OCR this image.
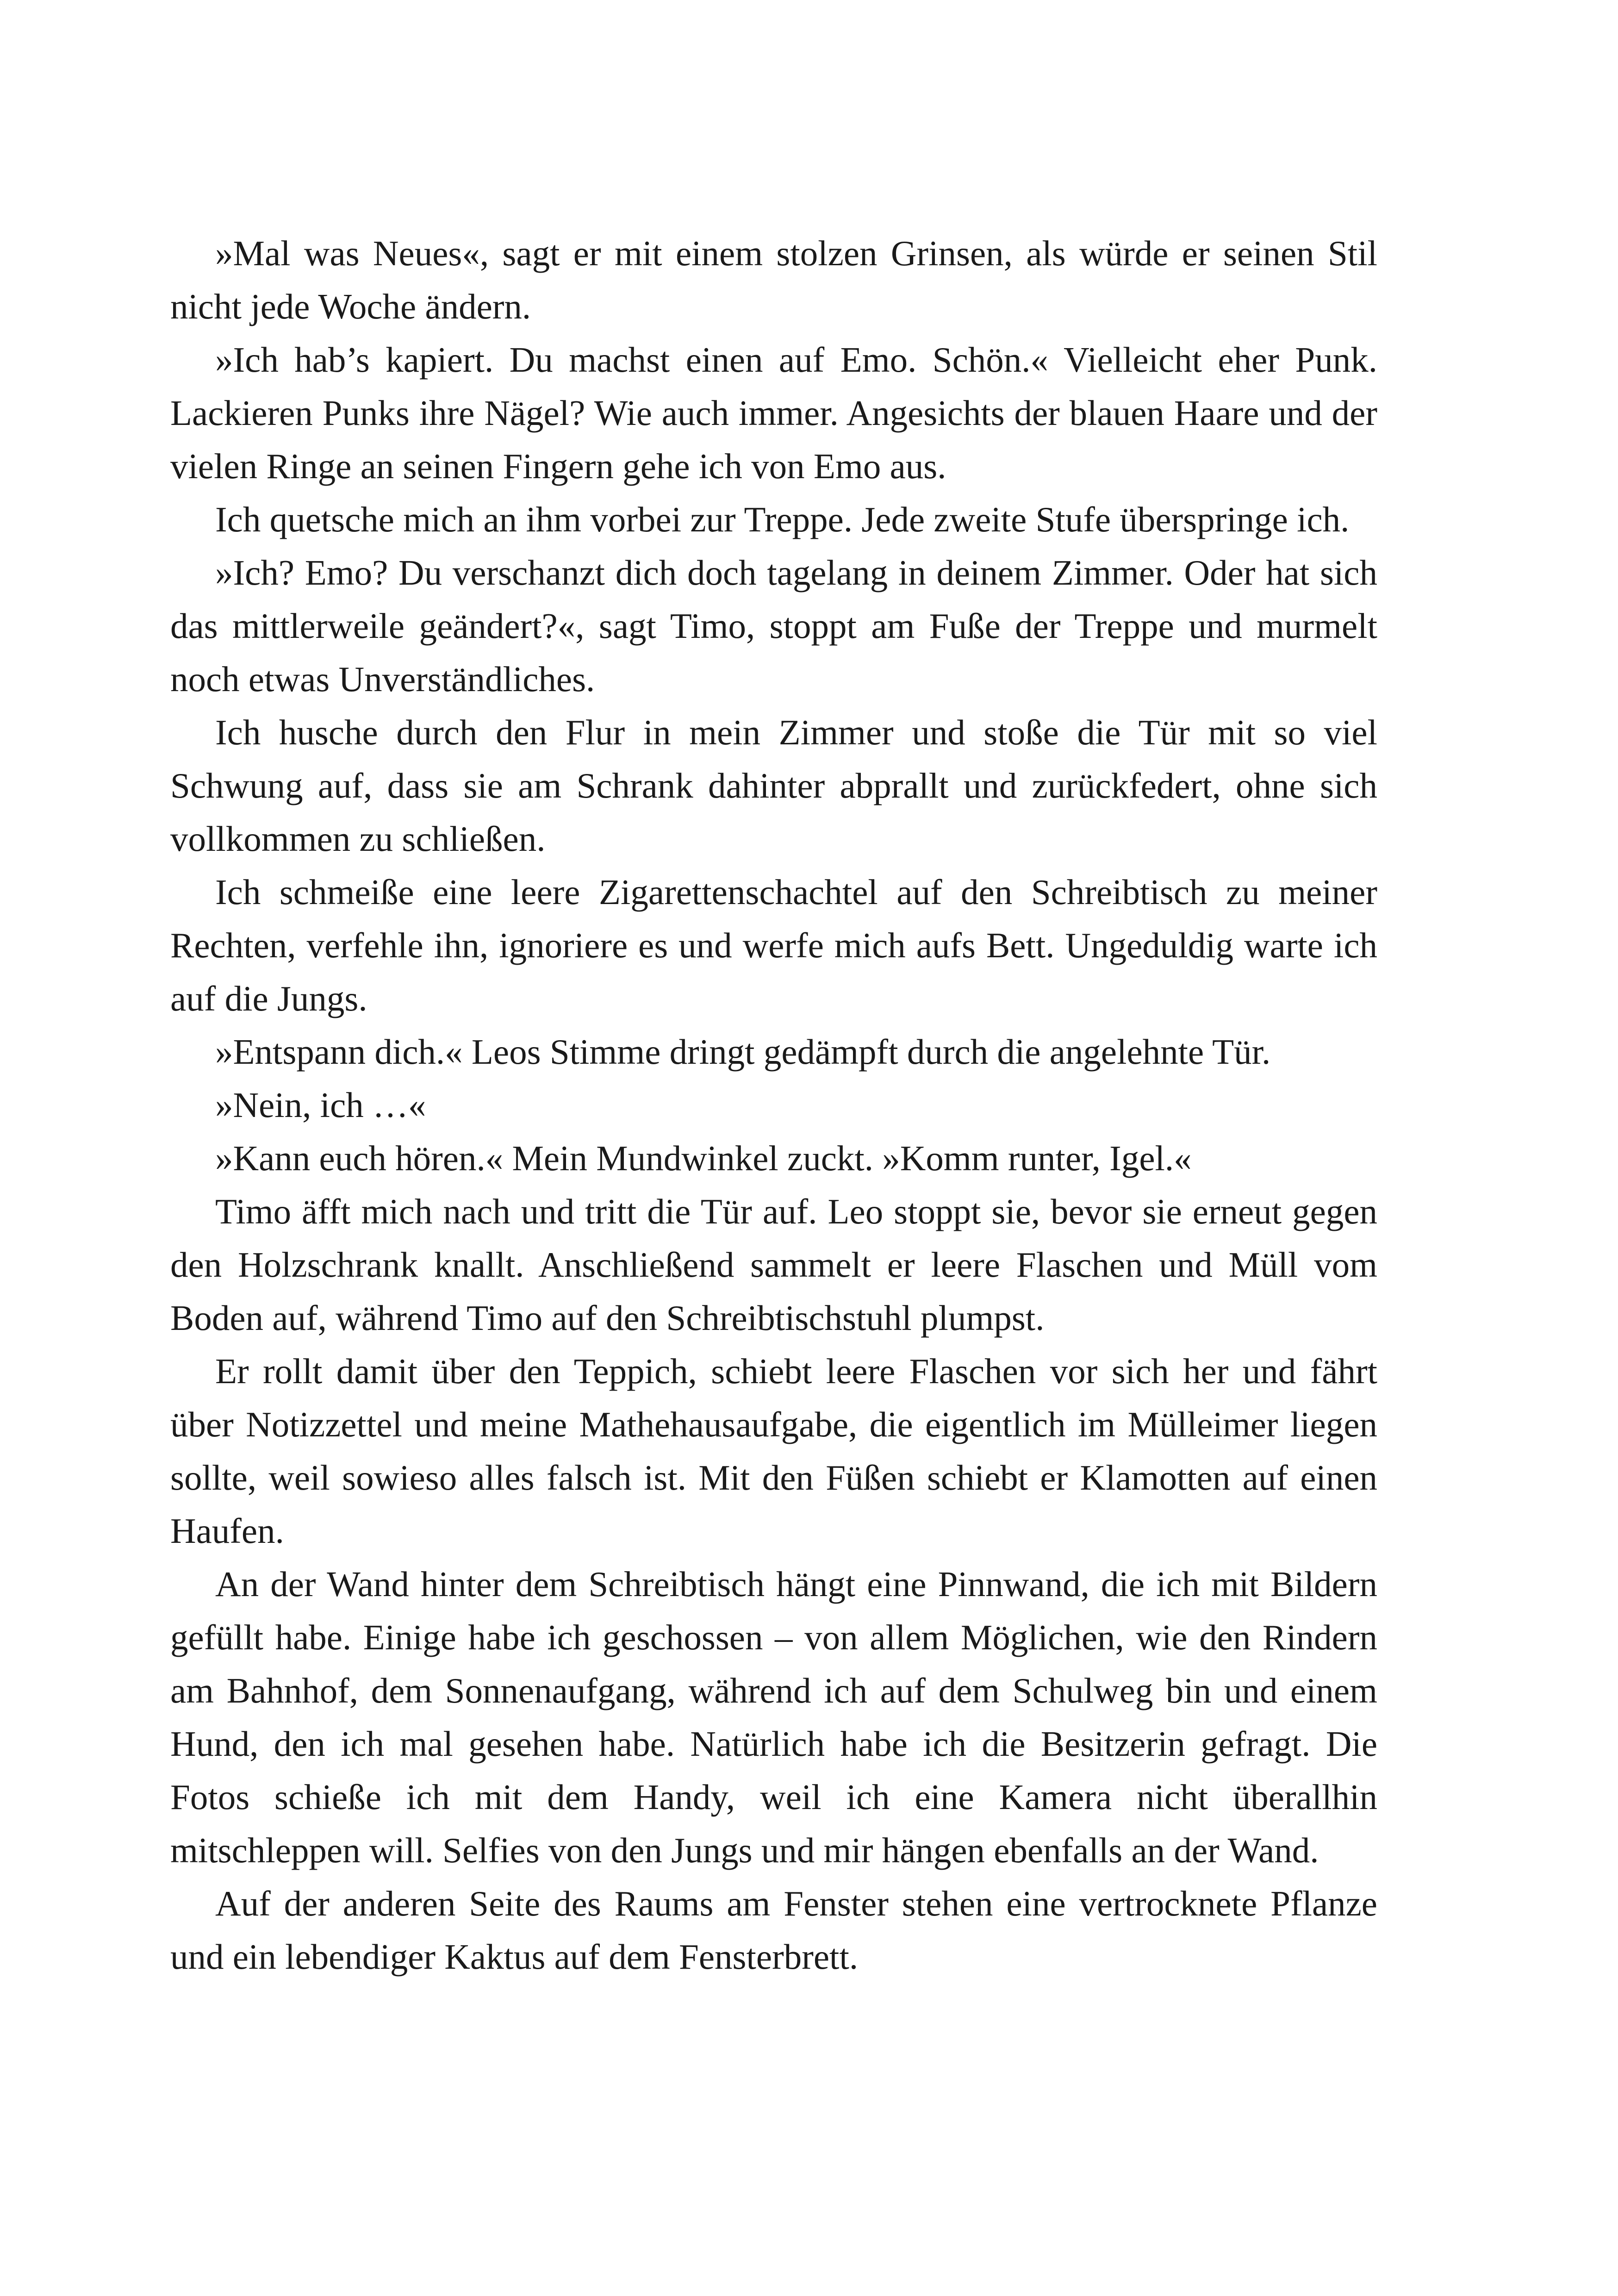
»Mal was Neues«, sagt er mit einem stolzen Grinsen, als würde er seinen Stil nicht jede Woche ändern.

»Ich hab’s kapiert. Du machst einen auf Emo. Schön.« Vielleicht eher Punk. Lackieren Punks ihre Nägel? Wie auch immer. Angesichts der blauen Haare und der vielen Ringe an seinen Fingern gehe ich von Emo aus.

Ich quetsche mich an ihm vorbei zur Treppe. Jede zweite Stufe überspringe ich.

»Ich? Emo? Du verschanzt dich doch tagelang in deinem Zimmer. Oder hat sich das mittlerweile geändert?«, sagt Timo, stoppt am Fuße der Treppe und murmelt noch etwas Unverständliches.

Ich husche durch den Flur in mein Zimmer und stoße die Tür mit so viel Schwung auf, dass sie am Schrank dahinter abprallt und zurückfedert, ohne sich vollkommen zu schließen.

Ich schmeiße eine leere Zigarettenschachtel auf den Schreibtisch zu meiner Rechten, verfehle ihn, ignoriere es und werfe mich aufs Bett. Ungeduldig warte ich auf die Jungs.

»Entspann dich.« Leos Stimme dringt gedämpft durch die angelehnte Tür.

»Nein, ich …«

»Kann euch hören.« Mein Mundwinkel zuckt. »Komm runter, Igel.«

Timo äfft mich nach und tritt die Tür auf. Leo stoppt sie, bevor sie erneut gegen den Holzschrank knallt. Anschließend sammelt er leere Flaschen und Müll vom Boden auf, während Timo auf den Schreibtischstuhl plumpst.

Er rollt damit über den Teppich, schiebt leere Flaschen vor sich her und fährt über Notizzettel und meine Mathehausaufgabe, die eigentlich im Mülleimer liegen sollte, weil sowieso alles falsch ist. Mit den Füßen schiebt er Klamotten auf einen Haufen.

An der Wand hinter dem Schreibtisch hängt eine Pinnwand, die ich mit Bildern gefüllt habe. Einige habe ich geschossen – von allem Möglichen, wie den Rindern am Bahnhof, dem Sonnenaufgang, während ich auf dem Schulweg bin und einem Hund, den ich mal gesehen habe. Natürlich habe ich die Besitzerin gefragt. Die Fotos schieße ich mit dem Handy, weil ich eine Kamera nicht überallhin mitschleppen will. Selfies von den Jungs und mir hängen ebenfalls an der Wand.

Auf der anderen Seite des Raums am Fenster stehen eine vertrocknete Pflanze und ein lebendiger Kaktus auf dem Fensterbrett.
